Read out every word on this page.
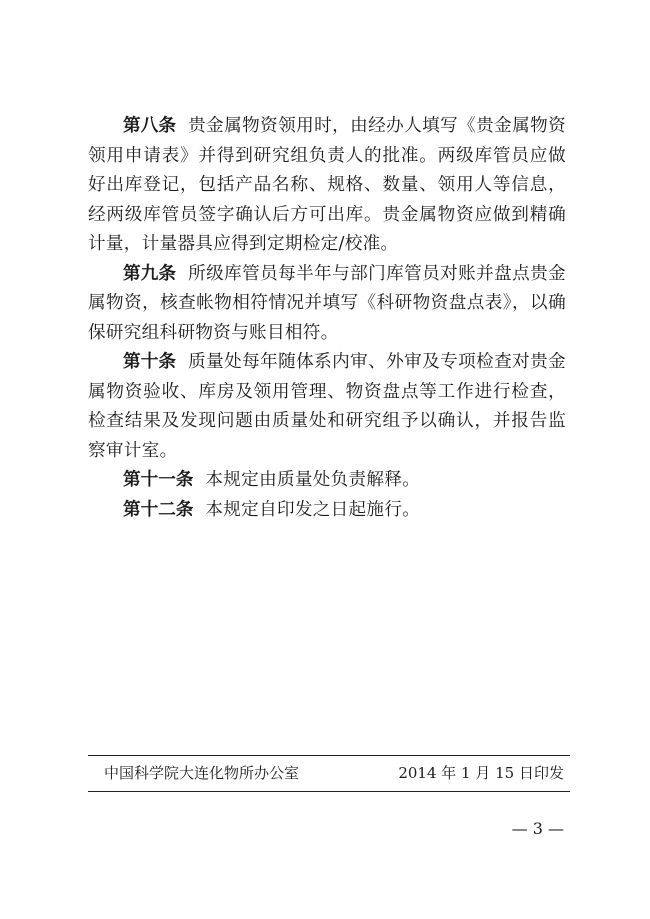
第八条 贵金属物资领用时，由经办人填写《贵金属物资领用申请表》并得到研究组负责人的批准。两级库管员应做好出库登记，包括产品名称、规格、数量、领用人等信息，经两级库管员签字确认后方可出库。贵金属物资应做到精确计量，计量器具应得到定期检定/校准。

第九条 所级库管员每半年与部门库管员对账并盘点贵金属物资，核查帐物相符情况并填写《科研物资盘点表》，以确保研究组科研物资与账目相符。

第十条 质量处每年随体系内审、外审及专项检查对贵金属物资验收、库房及领用管理、物资盘点等工作进行检查，检查结果及发现问题由质量处和研究组予以确认，并报告监察审计室。

第十一条 本规定由质量处负责解释。

第十二条 本规定自印发之日起施行。

中国科学院大连化物所办公室	2014 年 1 月 15 日印发
— 3 —
